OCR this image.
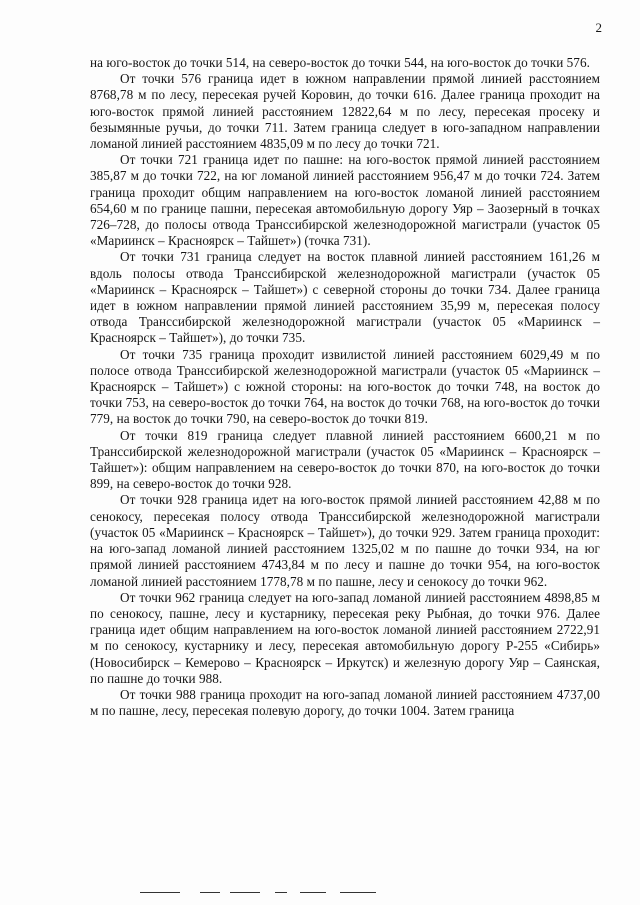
2

на юго-восток до точки 514, на северо-восток до точки 544, на юго-восток до точки 576.

От точки 576 граница идет в южном направлении прямой линией расстоянием 8768,78 м по лесу, пересекая ручей Коровин, до точки 616. Далее граница проходит на юго-восток прямой линией расстоянием 12822,64 м по лесу, пересекая просеку и безымянные ручьи, до точки 711. Затем граница следует в юго-западном направлении ломаной линией расстоянием 4835,09 м по лесу до точки 721.

От точки 721 граница идет по пашне: на юго-восток прямой линией расстоянием 385,87 м до точки 722, на юг ломаной линией расстоянием 956,47 м до точки 724. Затем граница проходит общим направлением на юго-восток ломаной линией расстоянием 654,60 м по границе пашни, пересекая автомобильную дорогу Уяр – Заозерный в точках 726–728, до полосы отвода Транссибирской железнодорожной магистрали (участок 05 «Мариинск – Красноярск – Тайшет») (точка 731).

От точки 731 граница следует на восток плавной линией расстоянием 161,26 м вдоль полосы отвода Транссибирской железнодорожной магистрали (участок 05 «Мариинск – Красноярск – Тайшет») с северной стороны до точки 734. Далее граница идет в южном направлении прямой линией расстоянием 35,99 м, пересекая полосу отвода Транссибирской железнодорожной магистрали (участок 05 «Мариинск – Красноярск – Тайшет»), до точки 735.

От точки 735 граница проходит извилистой линией расстоянием 6029,49 м по полосе отвода Транссибирской железнодорожной магистрали (участок 05 «Мариинск – Красноярск – Тайшет») с южной стороны: на юго-восток до точки 748, на восток до точки 753, на северо-восток до точки 764, на восток до точки 768, на юго-восток до точки 779, на восток до точки 790, на северо-восток до точки 819.

От точки 819 граница следует плавной линией расстоянием 6600,21 м по Транссибирской железнодорожной магистрали (участок 05 «Мариинск – Красноярск – Тайшет»): общим направлением на северо-восток до точки 870, на юго-восток до точки 899, на северо-восток до точки 928.

От точки 928 граница идет на юго-восток прямой линией расстоянием 42,88 м по сенокосу, пересекая полосу отвода Транссибирской железнодорожной магистрали (участок 05 «Мариинск – Красноярск – Тайшет»), до точки 929. Затем граница проходит: на юго-запад ломаной линией расстоянием 1325,02 м по пашне до точки 934, на юг прямой линией расстоянием 4743,84 м по лесу и пашне до точки 954, на юго-восток ломаной линией расстоянием 1778,78 м по пашне, лесу и сенокосу до точки 962.

От точки 962 граница следует на юго-запад ломаной линией расстоянием 4898,85 м по сенокосу, пашне, лесу и кустарнику, пересекая реку Рыбная, до точки 976. Далее граница идет общим направлением на юго-восток ломаной линией расстоянием 2722,91 м по сенокосу, кустарнику и лесу, пересекая автомобильную дорогу Р-255 «Сибирь» (Новосибирск – Кемерово – Красноярск – Иркутск) и железную дорогу Уяр – Саянская, по пашне до точки 988.

От точки 988 граница проходит на юго-запад ломаной линией расстоянием 4737,00 м по пашне, лесу, пересекая полевую дорогу, до точки 1004. Затем граница
